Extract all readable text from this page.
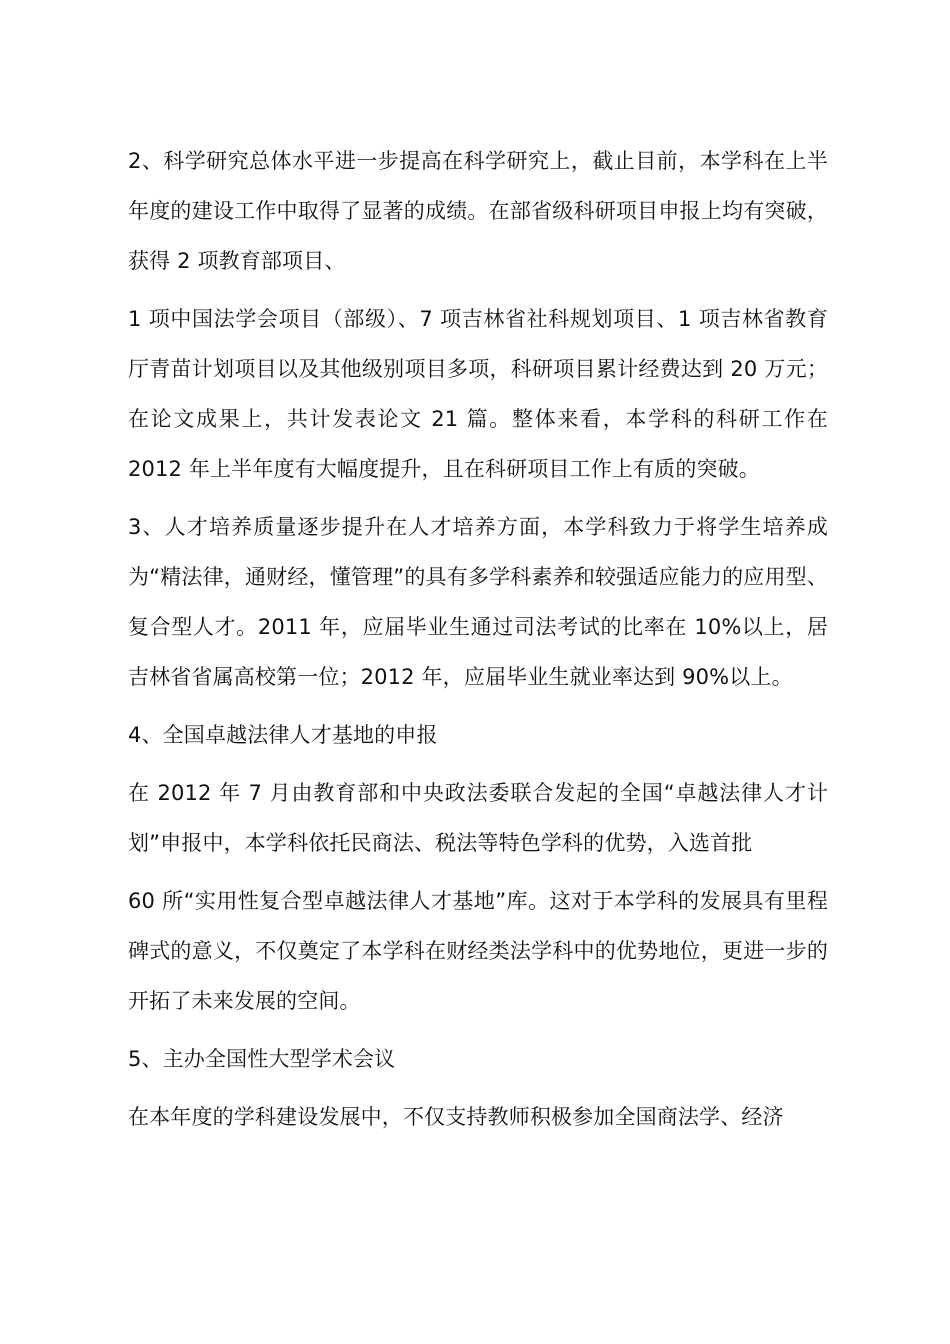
2、科学研究总体水平进一步提高在科学研究上，截止目前，本学科在上半年度的建设工作中取得了显著的成绩。在部省级科研项目申报上均有突破，获得 2 项教育部项目、

1 项中国法学会项目（部级）、7 项吉林省社科规划项目、1 项吉林省教育厅青苗计划项目以及其他级别项目多项，科研项目累计经费达到 20 万元；在论文成果上，共计发表论文 21 篇。整体来看，本学科的科研工作在 2012 年上半年度有大幅度提升，且在科研项目工作上有质的突破。

3、人才培养质量逐步提升在人才培养方面，本学科致力于将学生培养成为“精法律，通财经，懂管理”的具有多学科素养和较强适应能力的应用型、复合型人才。2011 年，应届毕业生通过司法考试的比率在 10%以上，居吉林省省属高校第一位；2012 年，应届毕业生就业率达到 90%以上。

4、全国卓越法律人才基地的申报

在 2012 年 7 月由教育部和中央政法委联合发起的全国“卓越法律人才计划”申报中，本学科依托民商法、税法等特色学科的优势，入选首批

60 所“实用性复合型卓越法律人才基地”库。这对于本学科的发展具有里程碑式的意义，不仅奠定了本学科在财经类法学科中的优势地位，更进一步的开拓了未来发展的空间。

5、主办全国性大型学术会议

在本年度的学科建设发展中，不仅支持教师积极参加全国商法学、经济
